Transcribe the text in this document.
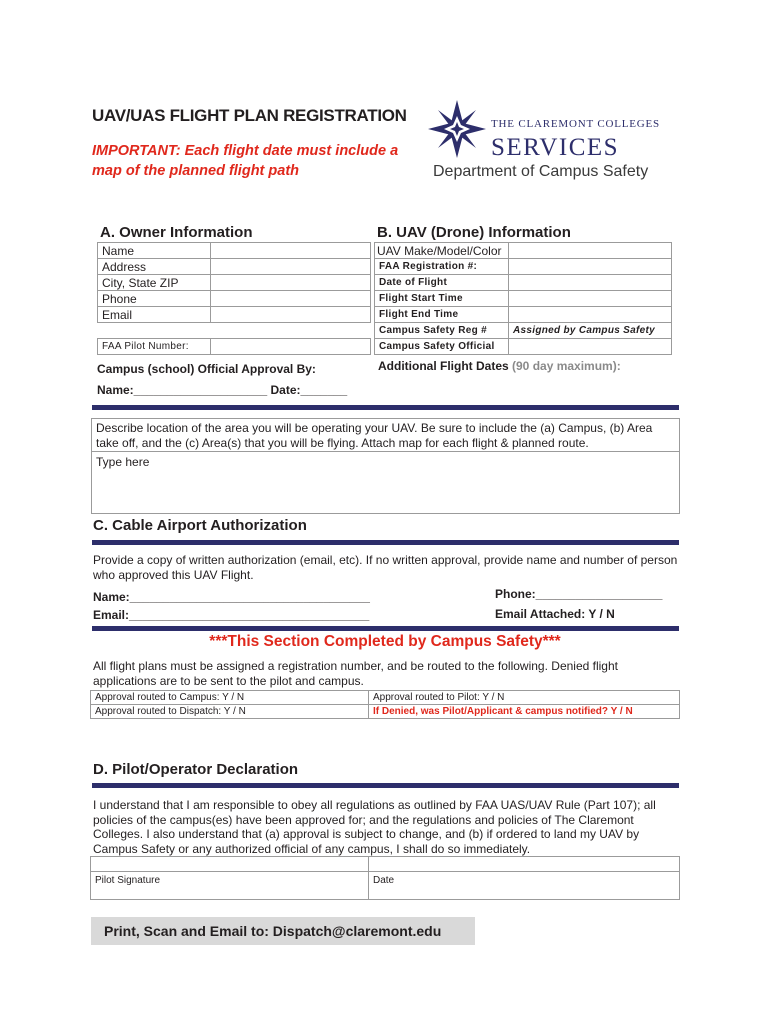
UAV/UAS FLIGHT PLAN REGISTRATION
IMPORTANT: Each flight date must include a map of the planned flight path
THE CLAREMONT COLLEGES
SERVICES
Department of Campus Safety
A. Owner Information	B. UAV (Drone) Information
Name	
Address	
City, State ZIP	
Phone	
Email	
FAA Pilot Number:	
UAV Make/Model/Color	
FAA Registration #:	
Date of Flight	
Flight Start Time	
Flight End Time	
Campus Safety Reg #	Assigned by Campus Safety
Campus Safety Official	
Campus (school) Official Approval By:
Name:____________________ Date:_______
Additional Flight Dates (90 day maximum):
Describe location of the area you will be operating your UAV. Be sure to include the (a) Campus, (b) Area take off, and the (c) Area(s) that you will be flying. Attach map for each flight & planned route.
Type here
C. Cable Airport Authorization
Provide a copy of written authorization (email, etc). If no written approval, provide name and number of person who approved this UAV Flight.
Name:____________________________________	Phone:___________________
Email:____________________________________	Email Attached: Y / N
***This Section Completed by Campus Safety***
All flight plans must be assigned a registration number, and be routed to the following. Denied flight applications are to be sent to the pilot and campus.
Approval routed to Campus: Y / N	Approval routed to Pilot: Y / N
Approval routed to Dispatch: Y / N	If Denied, was Pilot/Applicant & campus notified? Y / N
D. Pilot/Operator Declaration
I understand that I am responsible to obey all regulations as outlined by FAA UAS/UAV Rule (Part 107); all policies of the campus(es) have been approved for; and the regulations and policies of The Claremont Colleges. I also understand that (a) approval is subject to change, and (b) if ordered to land my UAV by Campus Safety or any authorized official of any campus, I shall do so immediately.

Pilot Signature	Date
Print, Scan and Email to: Dispatch@claremont.edu
